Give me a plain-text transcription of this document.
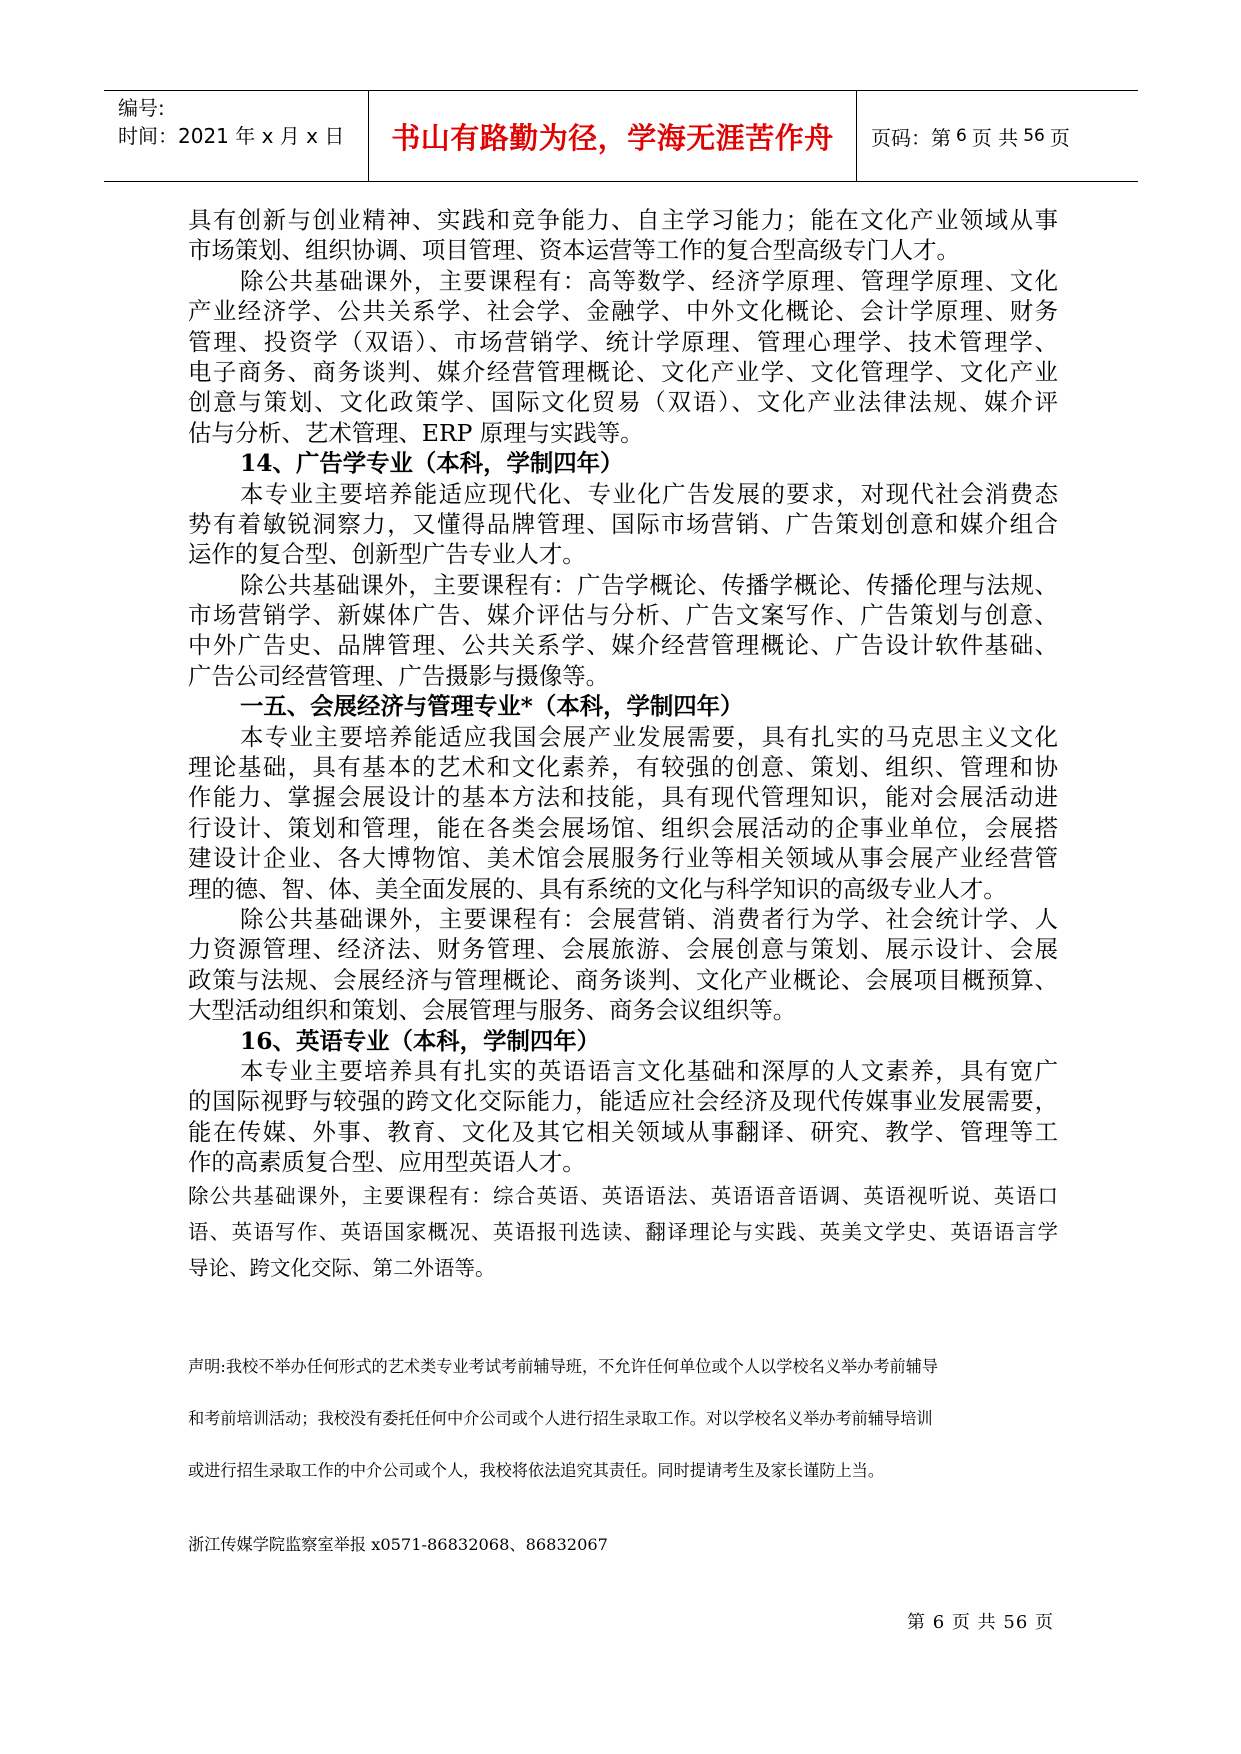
编号:
时间：2021 年 x 月 x 日	书山有路勤为径，学海无涯苦作舟	页码：第 6 页 共 56 页
具有创新与创业精神、实践和竞争能力、自主学习能力；能在文化产业领域从事
市场策划、组织协调、项目管理、资本运营等工作的复合型高级专门人才。
除公共基础课外，主要课程有：高等数学、经济学原理、管理学原理、文化
产业经济学、公共关系学、社会学、金融学、中外文化概论、会计学原理、财务
管理、投资学（双语）、市场营销学、统计学原理、管理心理学、技术管理学、
电子商务、商务谈判、媒介经营管理概论、文化产业学、文化管理学、文化产业
创意与策划、文化政策学、国际文化贸易（双语）、文化产业法律法规、媒介评
估与分析、艺术管理、ERP 原理与实践等。
14、广告学专业（本科，学制四年）
本专业主要培养能适应现代化、专业化广告发展的要求，对现代社会消费态
势有着敏锐洞察力，又懂得品牌管理、国际市场营销、广告策划创意和媒介组合
运作的复合型、创新型广告专业人才。
除公共基础课外，主要课程有：广告学概论、传播学概论、传播伦理与法规、
市场营销学、新媒体广告、媒介评估与分析、广告文案写作、广告策划与创意、
中外广告史、品牌管理、公共关系学、媒介经营管理概论、广告设计软件基础、
广告公司经营管理、广告摄影与摄像等。
一五、会展经济与管理专业*（本科，学制四年）
本专业主要培养能适应我国会展产业发展需要，具有扎实的马克思主义文化
理论基础，具有基本的艺术和文化素养，有较强的创意、策划、组织、管理和协
作能力、掌握会展设计的基本方法和技能，具有现代管理知识，能对会展活动进
行设计、策划和管理，能在各类会展场馆、组织会展活动的企事业单位，会展搭
建设计企业、各大博物馆、美术馆会展服务行业等相关领域从事会展产业经营管
理的德、智、体、美全面发展的、具有系统的文化与科学知识的高级专业人才。
除公共基础课外，主要课程有：会展营销、消费者行为学、社会统计学、人
力资源管理、经济法、财务管理、会展旅游、会展创意与策划、展示设计、会展
政策与法规、会展经济与管理概论、商务谈判、文化产业概论、会展项目概预算、
大型活动组织和策划、会展管理与服务、商务会议组织等。
16、英语专业（本科，学制四年）
本专业主要培养具有扎实的英语语言文化基础和深厚的人文素养，具有宽广
的国际视野与较强的跨文化交际能力，能适应社会经济及现代传媒事业发展需要，
能在传媒、外事、教育、文化及其它相关领域从事翻译、研究、教学、管理等工
作的高素质复合型、应用型英语人才。
除公共基础课外，主要课程有：综合英语、英语语法、英语语音语调、英语视听说、英语口
语、英语写作、英语国家概况、英语报刊选读、翻译理论与实践、英美文学史、英语语言学
导论、跨文化交际、第二外语等。
声明:我校不举办任何形式的艺术类专业考试考前辅导班，不允许任何单位或个人以学校名义举办考前辅导
和考前培训活动；我校没有委托任何中介公司或个人进行招生录取工作。对以学校名义举办考前辅导培训
或进行招生录取工作的中介公司或个人，我校将依法追究其责任。同时提请考生及家长谨防上当。
浙江传媒学院监察室举报 x0571-86832068、86832067
第 6 页 共 56 页
